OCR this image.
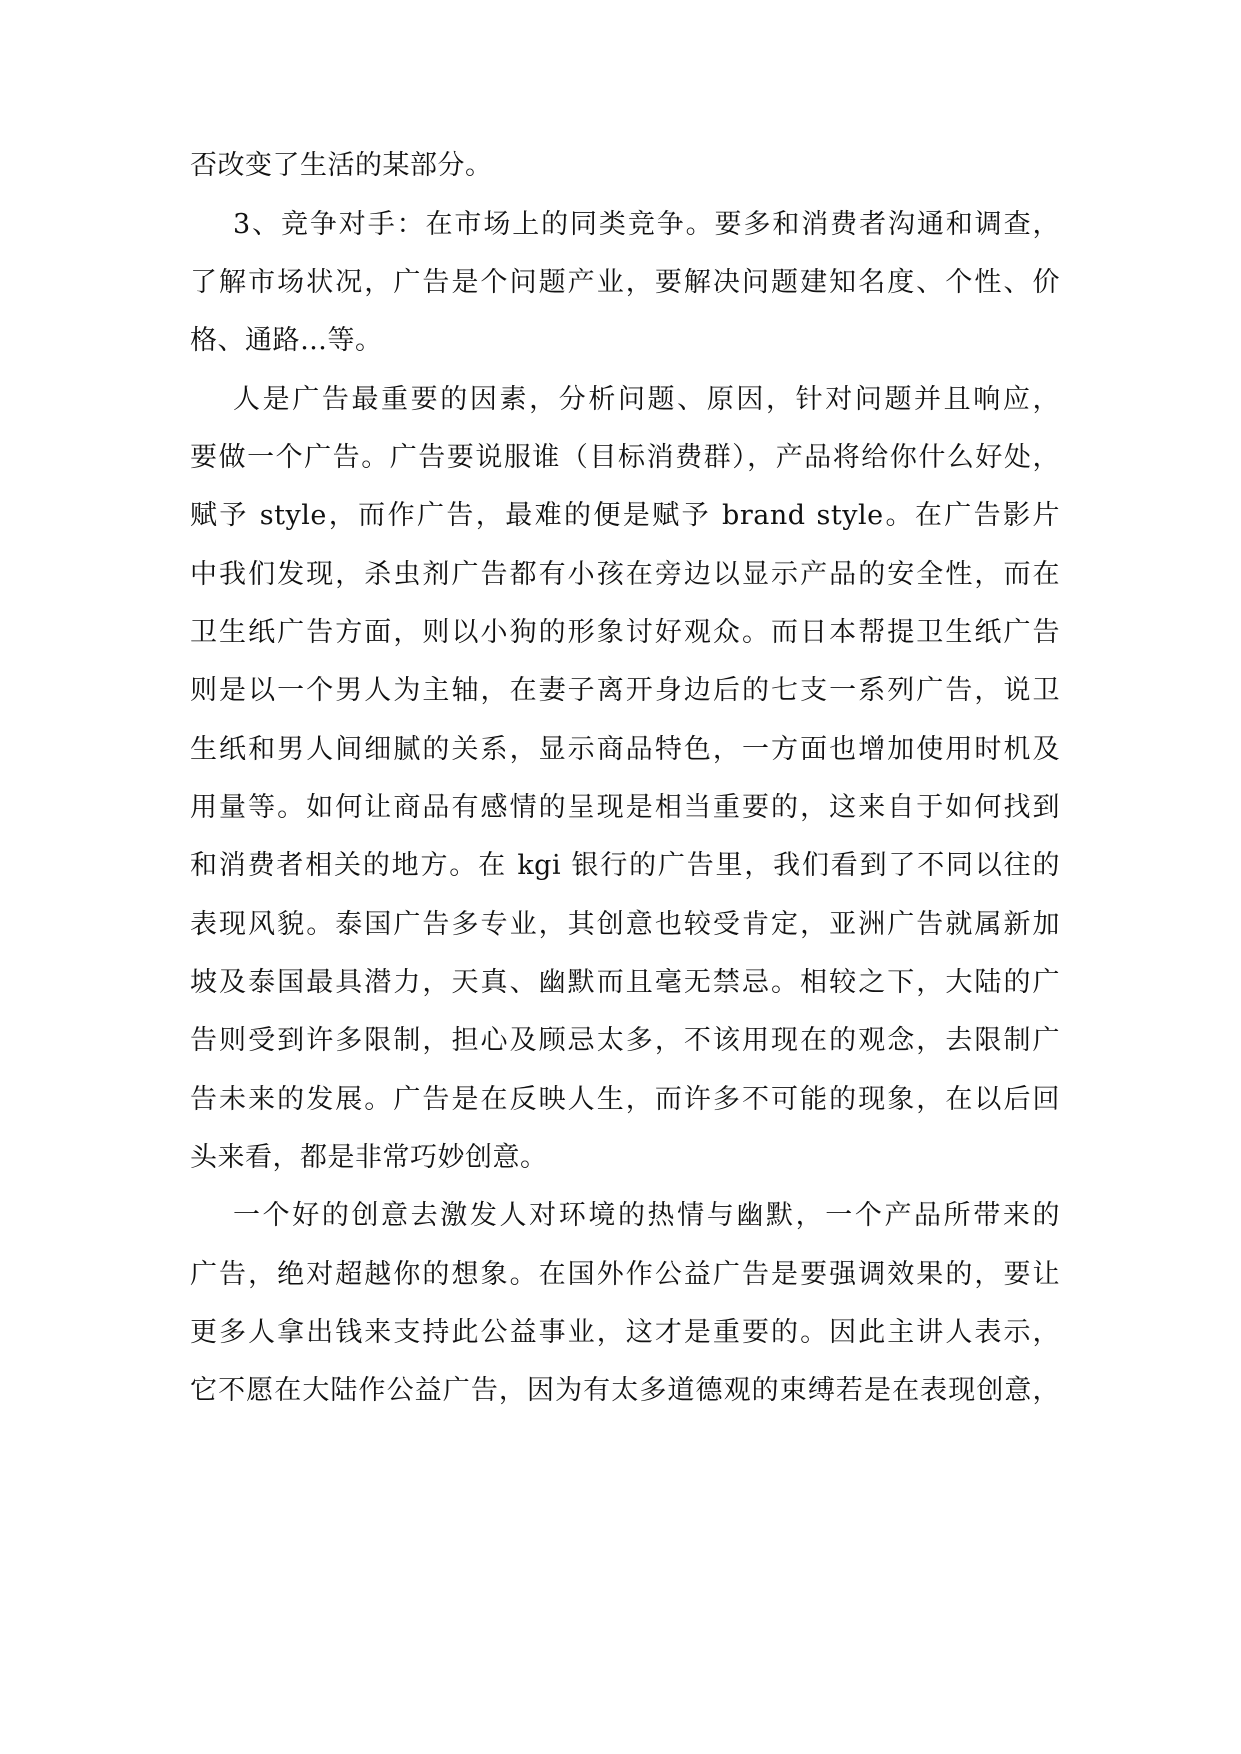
否改变了生活的某部分。
3、竞争对手：在市场上的同类竞争。要多和消费者沟通和调查，
了解市场状况，广告是个问题产业，要解决问题建知名度、个性、价
格、通路…等。
人是广告最重要的因素，分析问题、原因，针对问题并且响应，
要做一个广告。广告要说服谁（目标消费群），产品将给你什么好处，
赋予 style，而作广告，最难的便是赋予 brand style。在广告影片
中我们发现，杀虫剂广告都有小孩在旁边以显示产品的安全性，而在
卫生纸广告方面，则以小狗的形象讨好观众。而日本帮提卫生纸广告
则是以一个男人为主轴，在妻子离开身边后的七支一系列广告，说卫
生纸和男人间细腻的关系，显示商品特色，一方面也增加使用时机及
用量等。如何让商品有感情的呈现是相当重要的，这来自于如何找到
和消费者相关的地方。在 kgi 银行的广告里，我们看到了不同以往的
表现风貌。泰国广告多专业，其创意也较受肯定，亚洲广告就属新加
坡及泰国最具潜力，天真、幽默而且毫无禁忌。相较之下，大陆的广
告则受到许多限制，担心及顾忌太多，不该用现在的观念，去限制广
告未来的发展。广告是在反映人生，而许多不可能的现象，在以后回
头来看，都是非常巧妙创意。
一个好的创意去激发人对环境的热情与幽默，一个产品所带来的
广告，绝对超越你的想象。在国外作公益广告是要强调效果的，要让
更多人拿出钱来支持此公益事业，这才是重要的。因此主讲人表示，
它不愿在大陆作公益广告，因为有太多道德观的束缚若是在表现创意，
